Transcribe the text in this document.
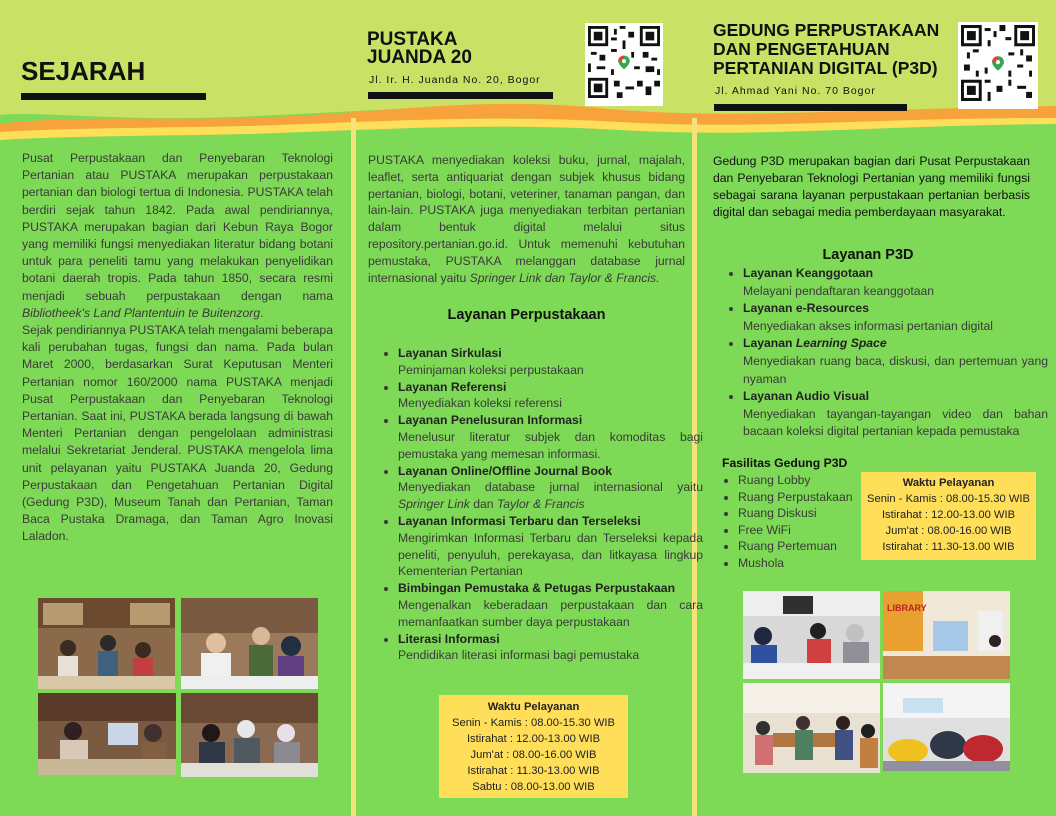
SEJARAH

Pusat Perpustakaan dan Penyebaran Teknologi Pertanian atau PUSTAKA merupakan perpustakaan pertanian dan biologi tertua di Indonesia. PUSTAKA telah berdiri sejak tahun 1842. Pada awal pendiriannya, PUSTAKA merupakan bagian dari Kebun Raya Bogor yang memiliki fungsi menyediakan literatur bidang botani untuk para peneliti tamu yang melakukan penyelidikan botani daerah tropis. Pada tahun 1850, secara resmi menjadi sebuah perpustakaan dengan nama Bibliotheek's Land Plantentuin te Buitenzorg.

Sejak pendiriannya PUSTAKA telah mengalami beberapa kali perubahan tugas, fungsi dan nama. Pada bulan Maret 2000, berdasarkan Surat Keputusan Menteri Pertanian nomor 160/2000 nama PUSTAKA menjadi Pusat Perpustakaan dan Penyebaran Teknologi Pertanian. Saat ini, PUSTAKA berada langsung di bawah Menteri Pertanian dengan pengelolaan administrasi melalui Sekretariat Jenderal. PUSTAKA mengelola lima unit pelayanan yaitu PUSTAKA Juanda 20, Gedung Perpustakaan dan Pengetahuan Pertanian Digital (Gedung P3D), Museum Tanah dan Pertanian, Taman Baca Pustaka Dramaga, dan Taman Agro Inovasi Laladon.

PUSTAKA
JUANDA 20
Jl. Ir. H. Juanda No. 20, Bogor
PUSTAKA menyediakan koleksi buku, jurnal, majalah, leaflet, serta antiquariat dengan subjek khusus bidang pertanian, biologi, botani, veteriner, tanaman pangan, dan lain-lain. PUSTAKA juga menyediakan terbitan pertanian dalam bentuk digital melalui situs repository.pertanian.go.id. Untuk memenuhi kebutuhan pemustaka, PUSTAKA melanggan database jurnal internasional yaitu Springer Link dan Taylor & Francis.
Layanan Perpustakaan
• Layanan Sirkulasi
Peminjaman koleksi perpustakaan
• Layanan Referensi
Menyediakan koleksi referensi
• Layanan Penelusuran Informasi
Menelusur literatur subjek dan komoditas bagi pemustaka yang memesan informasi.
• Layanan Online/Offline Journal Book
Menyediakan database jurnal internasional yaitu Springer Link dan Taylor & Francis
• Layanan Informasi Terbaru dan Terseleksi
Mengirimkan Informasi Terbaru dan Terseleksi kepada peneliti, penyuluh, perekayasa, dan litkayasa lingkup Kementerian Pertanian
• Bimbingan Pemustaka & Petugas Perpustakaan
Mengenalkan keberadaan perpustakaan dan cara memanfaatkan sumber daya perpustakaan
• Literasi Informasi
Pendidikan literasi informasi bagi pemustaka
Waktu Pelayanan
Senin - Kamis : 08.00-15.30 WIB
Istirahat : 12.00-13.00 WIB
Jum'at : 08.00-16.00 WIB
Istirahat : 11.30-13.00 WIB
Sabtu : 08.00-13.00 WIB
GEDUNG PERPUSTAKAAN
DAN PENGETAHUAN
PERTANIAN DIGITAL (P3D)
Jl. Ahmad Yani No. 70 Bogor
Gedung P3D merupakan bagian dari Pusat Perpustakaan dan Penyebaran Teknologi Pertanian yang memiliki fungsi sebagai sarana layanan perpustakaan pertanian berbasis digital dan sebagai media pemberdayaan masyarakat.
Layanan P3D
• Layanan Keanggotaan
Melayani pendaftaran keanggotaan
• Layanan e-Resources
Menyediakan akses informasi pertanian digital
• Layanan Learning Space
Menyediakan ruang baca, diskusi, dan pertemuan yang nyaman
• Layanan Audio Visual
Menyediakan tayangan-tayangan video dan bahan bacaan koleksi digital pertanian kepada pemustaka
Fasilitas Gedung P3D
• Ruang Lobby
• Ruang Perpustakaan
• Ruang Diskusi
• Free WiFi
• Ruang Pertemuan
• Mushola
Waktu Pelayanan
Senin - Kamis : 08.00-15.30 WIB
Istirahat : 12.00-13.00 WIB
Jum'at : 08.00-16.00 WIB
Istirahat : 11.30-13.00 WIB
LIBRARY
